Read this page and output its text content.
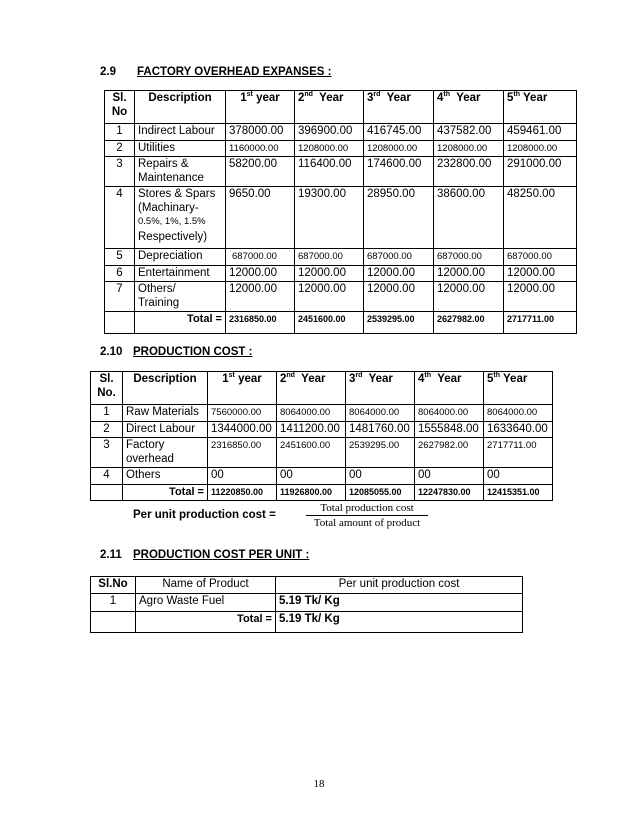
2.9 FACTORY OVERHEAD EXPANSES :
Sl.
No	Description	1st year	2nd Year	3rd Year	4th Year	5th Year
1	Indirect Labour	378000.00	396900.00	416745.00	437582.00	459461.00
2	Utilities	1160000.00	1208000.00	1208000.00	1208000.00	1208000.00
3	Repairs &
Maintenance	58200.00	116400.00	174600.00	232800.00	291000.00
4	Stores & Spars
(Machinary-
0.5%, 1%, 1.5%
Respectively)	9650.00	19300.00	28950.00	38600.00	48250.00
5	Depreciation	687000.00	687000.00	687000.00	687000.00	687000.00
6	Entertainment	12000.00	12000.00	12000.00	12000.00	12000.00
7	Others/
Training	12000.00	12000.00	12000.00	12000.00	12000.00
	Total =	2316850.00	2451600.00	2539295.00	2627982.00	2717711.00
2.10 PRODUCTION COST :
Sl.
No.	Description	1st year	2nd Year	3rd Year	4th Year	5th Year
1	Raw Materials	7560000.00	8064000.00	8064000.00	8064000.00	8064000.00
2	Direct Labour	1344000.00	1411200.00	1481760.00	1555848.00	1633640.00
3	Factory
overhead	2316850.00	2451600.00	2539295.00	2627982.00	2717711.00
4	Others	00	00	00	00	00
	Total =	11220850.00	11926800.00	12085055.00	12247830.00	12415351.00
Per unit production cost =
Total production cost
Total amount of product
2.11 PRODUCTION COST PER UNIT :
Sl.No	Name of Product	Per unit production cost
1	Agro Waste Fuel	5.19 Tk/ Kg
	Total =	5.19 Tk/ Kg
18
